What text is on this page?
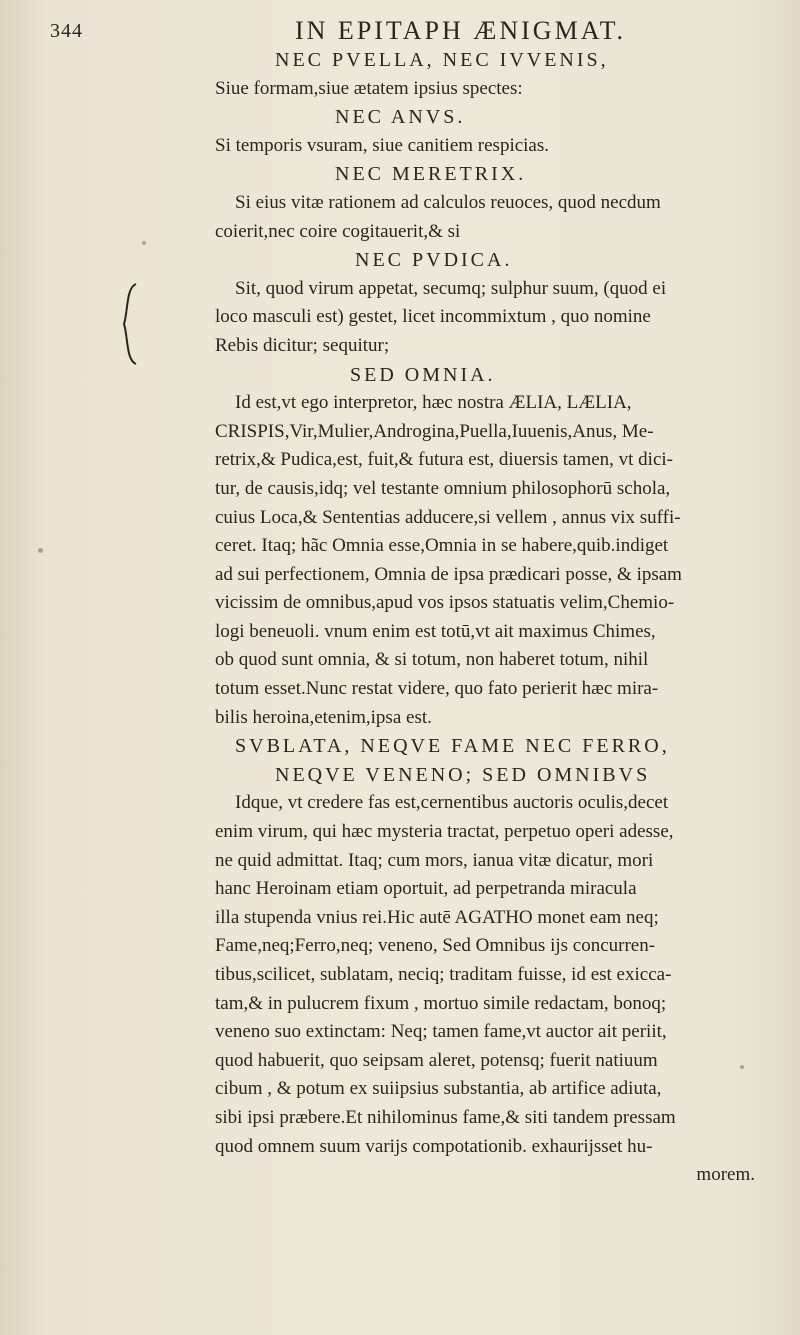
344	IN EPITAPH ÆNIGMAT.
NEC PVELLA, NEC IVVENIS,
Siue formam,siue ætatem ipsius spectes:
NEC ANVS.
Si temporis vsuram, siue canitiem respicias.
NEC MERETRIX.
Si eius vitæ rationem ad calculos reuoces, quod necdum
coierit,nec coire cogitauerit,& si
NEC PVDICA.
Sit, quod virum appetat, secumq; sulphur suum, (quod ei
loco masculi est) gestet, licet incommixtum , quo nomine
Rebis dicitur; sequitur;
SED OMNIA.
Id est,vt ego interpretor, hæc nostra ÆLIA, LÆLIA,
CRISPIS,Vir,Mulier,Androgina,Puella,Iuuenis,Anus, Me-
retrix,& Pudica,est, fuit,& futura est, diuersis tamen, vt dici-
tur, de causis,idq; vel testante omnium philosophorū schola,
cuius Loca,& Sententias adducere,si vellem , annus vix suffi-
ceret. Itaq; hãc Omnia esse,Omnia in se habere,quib.indiget
ad sui perfectionem, Omnia de ipsa prædicari posse, & ipsam
vicissim de omnibus,apud vos ipsos statuatis velim,Chemio-
logi beneuoli. vnum enim est totū,vt ait maximus Chimes,
ob quod sunt omnia, & si totum, non haberet totum, nihil
totum esset.Nunc restat videre, quo fato perierit hæc mira-
bilis heroina,etenim,ipsa est.
SVBLATA, NEQVE FAME NEC FERRO,
NEQVE VENENO; SED OMNIBVS
Idque, vt credere fas est,cernentibus auctoris oculis,decet
enim virum, qui hæc mysteria tractat, perpetuo operi adesse,
ne quid admittat. Itaq; cum mors, ianua vitæ dicatur, mori
hanc Heroinam etiam oportuit, ad perpetranda miracula
illa stupenda vnius rei.Hic autē AGATHO monet eam neq;
Fame,neq;Ferro,neq; veneno, Sed Omnibus ijs concurren-
tibus,scilicet, sublatam, neciq; traditam fuisse, id est exicca-
tam,& in pulucrem fixum , mortuo simile redactam, bonoq;
veneno suo extinctam: Neq; tamen fame,vt auctor ait periit,
quod habuerit, quo seipsam aleret, potensq; fuerit natiuum
cibum , & potum ex suiipsius substantia, ab artifice adiuta,
sibi ipsi præbere.Et nihilominus fame,& siti tandem pressam
quod omnem suum varijs compotationib. exhaurijsset hu-
morem.
